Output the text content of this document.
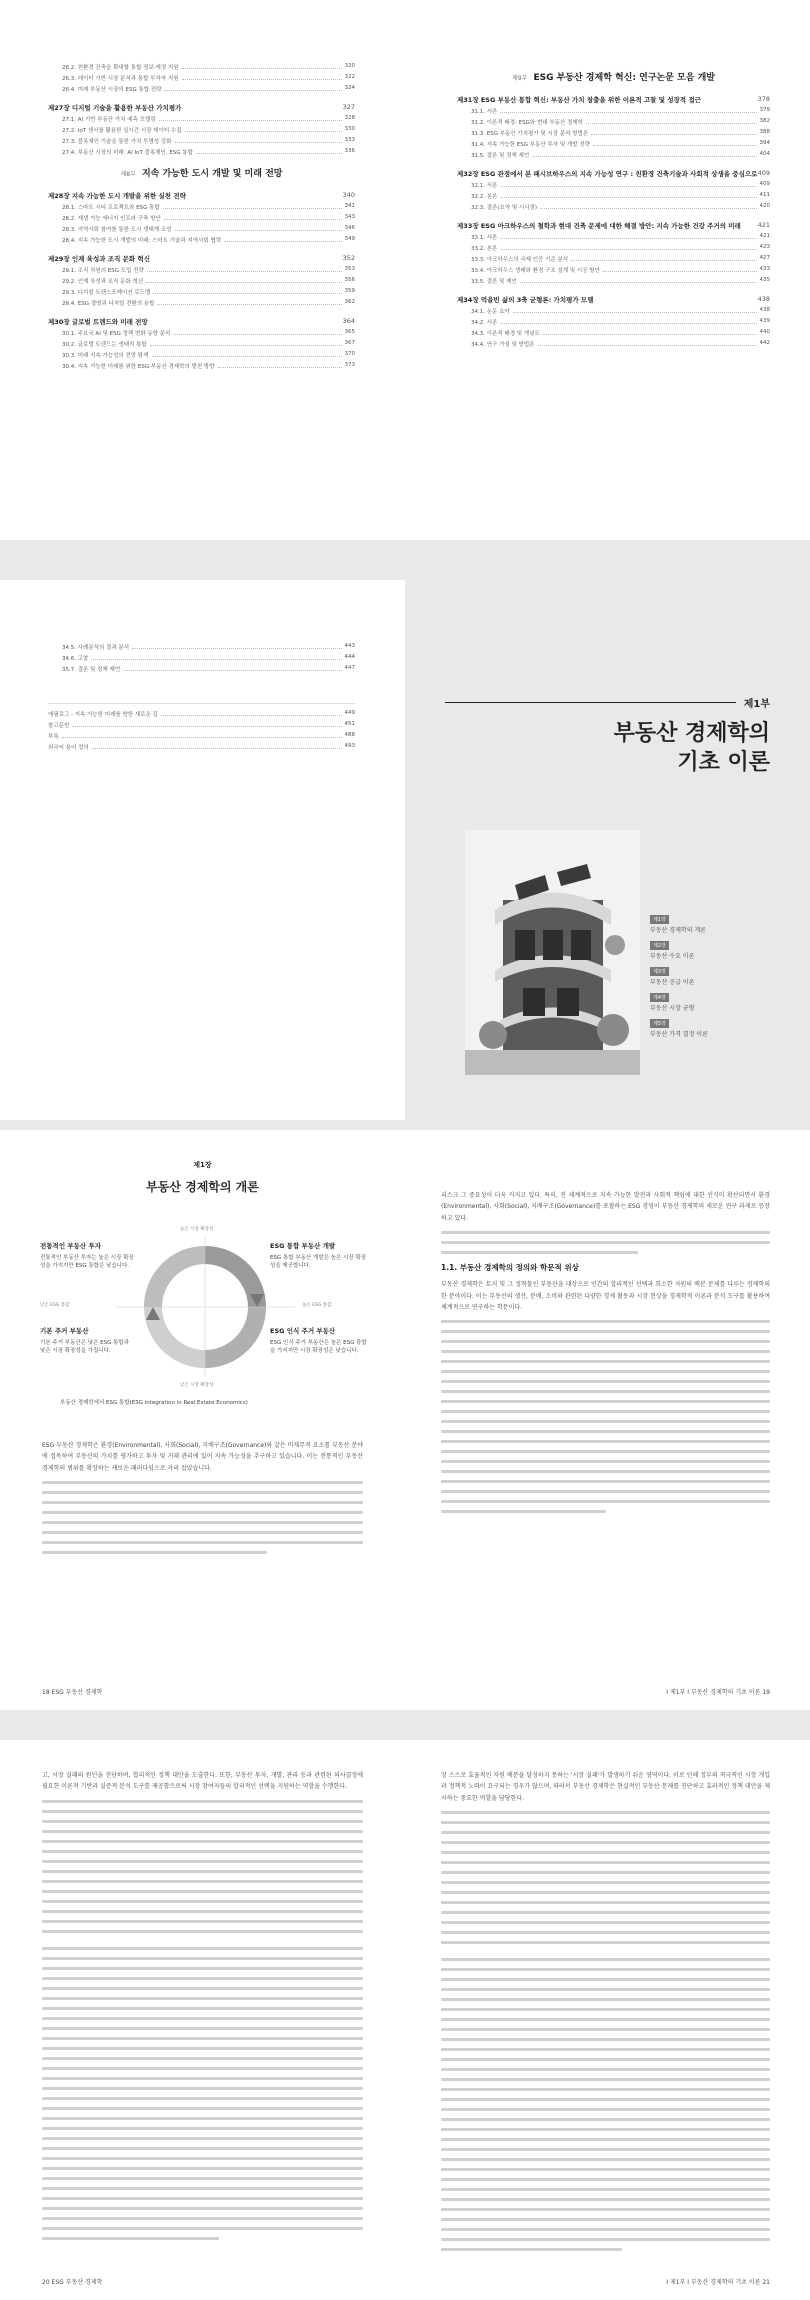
26.2. 친환경 건축을 확대할 통합 정보·재정 지원	320
26.3. 데이터 기반 시장 분석과 통합 투자자 지원	322
26.4. 미래 부동산 시장의 ESG 통합 전략	324
제27장 디지털 기술을 활용한 부동산 가치평가	327
27.1. AI 기반 부동산 가치 예측 모델링	328
27.2. IoT 센서를 활용한 실시간 시장 데이터 수집	330
27.3. 블록체인 기술을 통한 가치 투명성 강화	333
27.4. 부동산 시장의 미래: AI IoT 블록체인, ESG 통합	336
제8부 지속 가능한 도시 개발 및 미래 전망
제28장 지속 가능한 도시 개발을 위한 실천 전략	340
28.1. 스마트 시티 프로젝트와 ESG 통합	341
28.2. 재생 가능 에너지 인프라 구축 방안	343
28.3. 지역사회 참여를 통한 도시 생태계 조성	346
28.4. 지속 가능한 도시 개발의 미래: 스마트 기술과 지역사회 협력	349
제29장 인재 육성과 조직 문화 혁신	352
29.1. 조직 차원의 ESG 도입 전략	353
29.2. 인재 육성과 조직 문화 혁신	356
29.3. 디지털 트랜스포메이션 로드맵	359
29.4. ESG 경영과 디지털 전환의 융합	362
제30장 글로벌 트렌드와 미래 전망	364
30.1. 주요국 AI 및 ESG 정책 변화 동향 분석	365
30.2. 글로벌 트렌드는 생태적 통합	367
30.3. 미래 지속 가능성의 전망 탐색	370
30.4. 지속 가능한 미래를 위한 ESG 부동산 경제학의 발전 방향	373
제9부 ESG 부동산 경제학 혁신: 연구논문 모음 개발
제31장 ESG 부동산 통합 혁신: 부동산 가치 창출을 위한 이론적 고찰 및 성장적 접근	378
31.1. 서론	379
31.2. 이론적 배경: ESG와 현대 부동산 경제학	382
31.3. ESG 부동산 가치평가 및 시장 분석 방법론	388
31.4. 지속 가능한 ESG 부동산 투자 및 개발 전략	394
31.5. 결론 및 정책 제언	404
제32장 ESG 관점에서 본 패시브하우스의 지속 가능성 연구 : 친환경 건축기술과 사회적 상생을 중심으로 409
32.1. 서론	409
32.2. 본론	411
32.3. 결론(요약 및 시사점)	420
제33장 ESG 아크하우스의 철학과 현대 건축 문제에 대한 해결 방안: 지속 가능한 건강 주거의 미래	421
33.1. 서론	421
33.2. 본론	423
33.3. 아크하우스의 국제 인증 기준 분석	427
33.4. 아크하우스 생태와 환경 구조 설계 및 시공 방안	433
33.5. 결론 및 제언	435
제34장 먹을빈 삶의 3축 균형론: 가치평가 모델	438
34.1. 논문 요약	438
34.2. 서론	439
34.3. 이론적 배경 및 개념도	440
34.4. 연구 가설 및 방법론	442
34.5. 사례분석의 결과 분석	443
34.6. 고찰	444
35.7. 결론 및 정책 제언	447
에필로그 - 지속 가능한 미래를 향한 새로운 길	449
참고문헌	451
부록	488
외국어 용어 정의	493
제1부
부동산 경제학의
기초 이론
제1장
부동산 경제학의 개론
제2장
부동산 수요 이론
제3장
부동산 공급 이론
제4장
부동산 시장 균형
제5장
부동산 가격 결정 이론
제1장
부동산 경제학의 개론
높은 시장 확장성
낮은 시장 확장성
낮은 ESG 통합	높은 ESG 통합
전통적인 부동산 투자
전통적인 부동산 투자는 높은 시장 확장성을 가지지만 ESG 통합은 낮습니다.
ESG 통합 부동산 개발
ESG 통합 부동산 개발은 높은 시장 확장성을 제공합니다.
기본 주거 부동산
기본 주거 부동산은 낮은 ESG 통합과 낮은 시장 확장성을 가집니다.
ESG 인식 주거 부동산
ESG 인식 주거 부동산은 높은 ESG 통합을 가지지만 시장 확장성은 낮습니다.
부동산 경제학에서 ESG 통합(ESG integration in Real Estate Economics)
ESG 부동산 경제학은 환경(Environmental), 사회(Social), 지배구조(Governance)와 같은 비재무적 요소를 부동산 분야에 접목하여 부동산의 가치를 평가하고 투자 및 거래 관리에 있어 지속 가능성을 추구하고 있습니다. 이는 전통적인 부동산 경제학의 범위를 확장하는 새로운 패러다임으로 자리 잡았습니다.
18 ESG 부동산 경제학
리스크 그 중요성이 더욱 커지고 있다. 특히, 전 세계적으로 지속 가능한 발전과 사회적 책임에 대한 인식이 확산되면서 환경(Environmental), 사회(Social), 지배구조(Governance)를 포괄하는 ESG 경영이 부동산 경제학의 새로운 연구 과제로 등장하고 있다.
1.1. 부동산 경제학의 정의와 학문적 위상
부동산 경제학은 토지 및 그 정착물인 부동산을 대상으로 인간의 합리적인 선택과 희소한 자원의 배분 문제를 다루는 경제학의 한 분야이다. 이는 부동산의 생산, 분배, 소비와 관련된 다양한 경제 활동과 시장 현상을 경제학적 이론과 분석 도구를 활용하여 체계적으로 연구하는 학문이다.
I 제1부 I 부동산 경제학의 기초 이론 19
고, 시장 실패의 원인을 진단하며, 합리적인 정책 대안을 도출한다. 또한, 부동산 투자, 개발, 관리 등과 관련된 의사결정에 필요한 이론적 기반과 실증적 분석 도구를 제공함으로써 시장 참여자들의 합리적인 선택을 지원하는 역할을 수행한다.
20 ESG 부동산 경제학
장 스스로 효율적인 자원 배분을 달성하지 못하는 '시장 실패'가 발생하기 쉬운 영역이다. 이로 인해 정부의 적극적인 시장 개입과 정책적 노력이 요구되는 경우가 많으며, 따라서 부동산 경제학은 현실적인 부동산 문제를 진단하고 효과적인 정책 대안을 제시하는 중요한 역할을 담당한다.
I 제1부 I 부동산 경제학의 기초 이론 21
